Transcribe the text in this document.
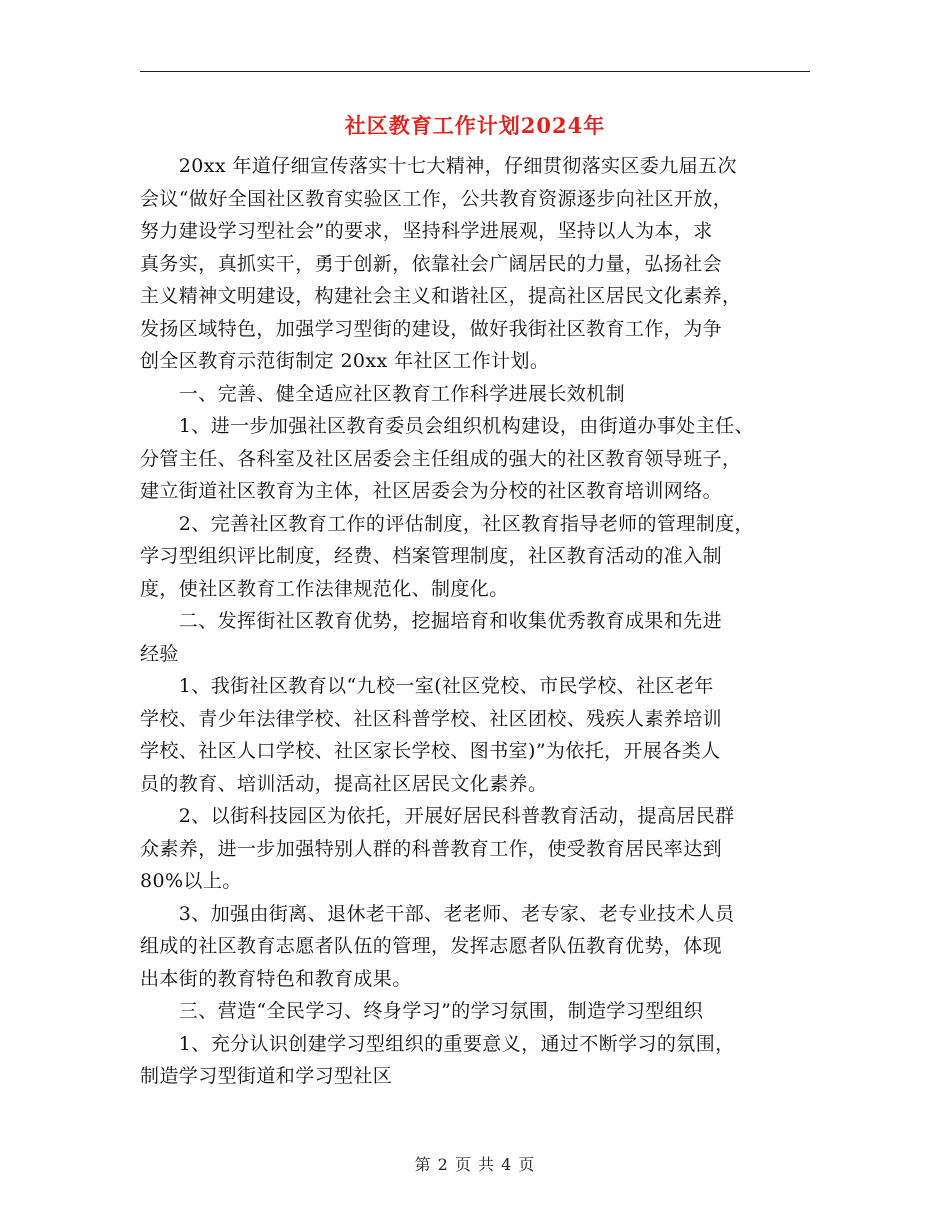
社区教育工作计划2024年
　　20xx 年道仔细宣传落实十七大精神，仔细贯彻落实区委九届五次
会议“做好全国社区教育实验区工作，公共教育资源逐步向社区开放，
努力建设学习型社会”的要求，坚持科学进展观，坚持以人为本，求
真务实，真抓实干，勇于创新，依靠社会广阔居民的力量，弘扬社会
主义精神文明建设，构建社会主义和谐社区，提高社区居民文化素养，
发扬区域特色，加强学习型街的建设，做好我街社区教育工作，为争
创全区教育示范街制定 20xx 年社区工作计划。
　　一、完善、健全适应社区教育工作科学进展长效机制
　　1、进一步加强社区教育委员会组织机构建设，由街道办事处主任、
分管主任、各科室及社区居委会主任组成的强大的社区教育领导班子，
建立街道社区教育为主体，社区居委会为分校的社区教育培训网络。
　　2、完善社区教育工作的评估制度，社区教育指导老师的管理制度，
学习型组织评比制度，经费、档案管理制度，社区教育活动的准入制
度，使社区教育工作法律规范化、制度化。
　　二、发挥街社区教育优势，挖掘培育和收集优秀教育成果和先进
经验
　　1、我街社区教育以“九校一室(社区党校、市民学校、社区老年
学校、青少年法律学校、社区科普学校、社区团校、残疾人素养培训
学校、社区人口学校、社区家长学校、图书室)”为依托，开展各类人
员的教育、培训活动，提高社区居民文化素养。
　　2、以街科技园区为依托，开展好居民科普教育活动，提高居民群
众素养，进一步加强特别人群的科普教育工作，使受教育居民率达到
80%以上。
　　3、加强由街离、退休老干部、老老师、老专家、老专业技术人员
组成的社区教育志愿者队伍的管理，发挥志愿者队伍教育优势，体现
出本街的教育特色和教育成果。
　　三、营造“全民学习、终身学习”的学习氛围，制造学习型组织
　　1、充分认识创建学习型组织的重要意义，通过不断学习的氛围，
制造学习型街道和学习型社区
第 2 页 共 4 页
